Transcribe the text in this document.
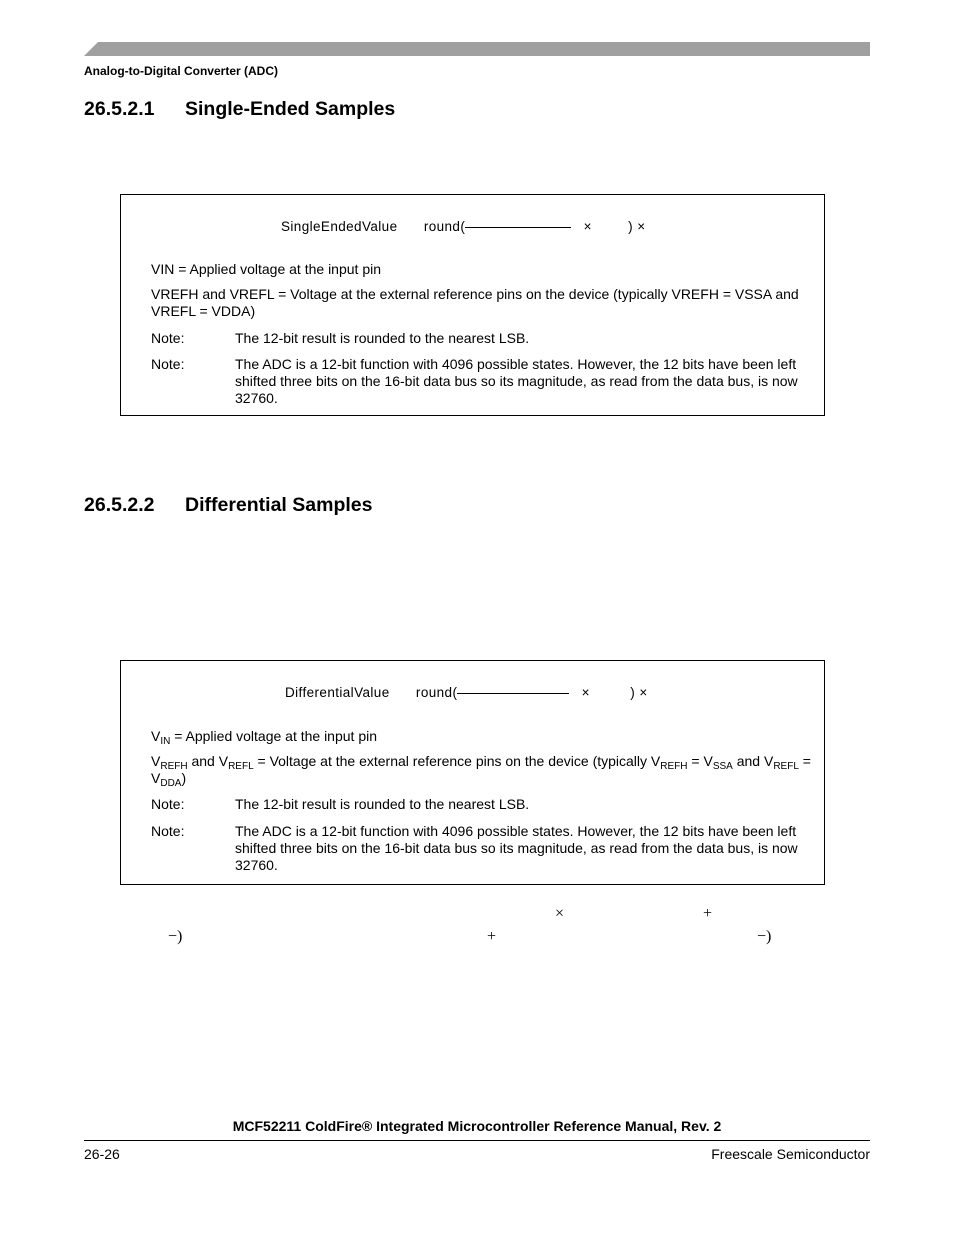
Analog-to-Digital Converter (ADC)
26.5.2.1 Single-Ended Samples
SingleEndedValue round(	×	) ×
VIN = Applied voltage at the input pin
VREFH and VREFL = Voltage at the external reference pins on the device (typically VREFH = VSSA and VREFL = VDDA)
Note:	The 12-bit result is rounded to the nearest LSB.
Note:	The ADC is a 12-bit function with 4096 possible states. However, the 12 bits have been left shifted three bits on the 16-bit data bus so its magnitude, as read from the data bus, is now 32760.
26.5.2.2 Differential Samples
DifferentialValue round(	×	) ×
$V_{IN}$ = Applied voltage at the input pin
$V_{REFH}$ and $V_{REFL}$ = Voltage at the external reference pins on the device (typically $V_{REFH} = V_{SSA}$ and $V_{REFL}$ =
$V_{DDA}$)
Note:	The 12-bit result is rounded to the nearest LSB.
Note:	The ADC is a 12-bit function with 4096 possible states. However, the 12 bits have been left shifted three bits on the 16-bit data bus so its magnitude, as read from the data bus, is now 32760.
×	+
−)	+	−)
MCF52211 ColdFire® Integrated Microcontroller Reference Manual, Rev. 2
26-26	Freescale Semiconductor
